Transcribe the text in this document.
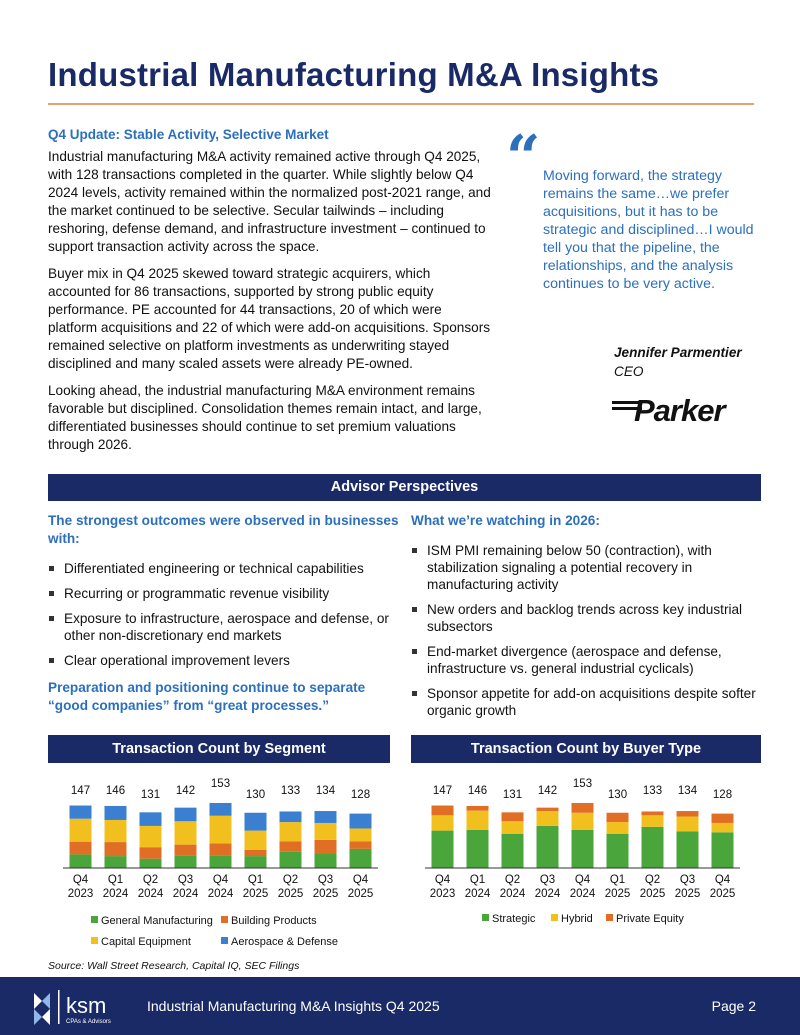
Industrial Manufacturing M&A Insights
Q4 Update: Stable Activity, Selective Market

Industrial manufacturing M&A activity remained active through Q4 2025, with 128 transactions completed in the quarter. While slightly below Q4 2024 levels, activity remained within the normalized post-2021 range, and the market continued to be selective. Secular tailwinds – including reshoring, defense demand, and infrastructure investment – continued to support transaction activity across the space.

Buyer mix in Q4 2025 skewed toward strategic acquirers, which accounted for 86 transactions, supported by strong public equity performance. PE accounted for 44 transactions, 20 of which were platform acquisitions and 22 of which were add-on acquisitions. Sponsors remained selective on platform investments as underwriting stayed disciplined and many scaled assets were already PE-owned.

Looking ahead, the industrial manufacturing M&A environment remains favorable but disciplined. Consolidation themes remain intact, and large, differentiated businesses should continue to set premium valuations through 2026.

“ Moving forward, the strategy remains the same…we prefer acquisitions, but it has to be strategic and disciplined…I would tell you that the pipeline, the relationships, and the analysis continues to be very active.
Jennifer Parmentier
CEO
Parker
Advisor Perspectives
The strongest outcomes were observed in businesses with:
Differentiated engineering or technical capabilities
Recurring or programmatic revenue visibility
Exposure to infrastructure, aerospace and defense, or other non-discretionary end markets
Clear operational improvement levers
Preparation and positioning continue to separate “good companies” from “great processes.”
What we’re watching in 2026:
ISM PMI remaining below 50 (contraction), with stabilization signaling a potential recovery in manufacturing activity
New orders and backlog trends across key industrial subsectors
End-market divergence (aerospace and defense, infrastructure vs. general industrial cyclicals)
Sponsor appetite for add-on acquisitions despite softer organic growth
Transaction Count by Segment	Transaction Count by Buyer Type
147
Q4
2023
146
Q1
2024
131
Q2
2024
142
Q3
2024
153
Q4
2024
130
Q1
2025
133
Q2
2025
134
Q3
2025
128
Q4
2025
General Manufacturing Building Products
Capital Equipment	Aerospace & Defense
147
Q4
2023
146
Q1
2024
131
Q2
2024
142
Q3
2024
153
Q4
2024
130
Q1
2025
133
Q2
2025
134
Q3
2025
128
Q4
2025
Strategic Hybrid Private Equity
Source: Wall Street Research, Capital IQ, SEC Filings
ksm
CPAs & Advisors
Industrial Manufacturing M&A Insights Q4 2025	Page 2
